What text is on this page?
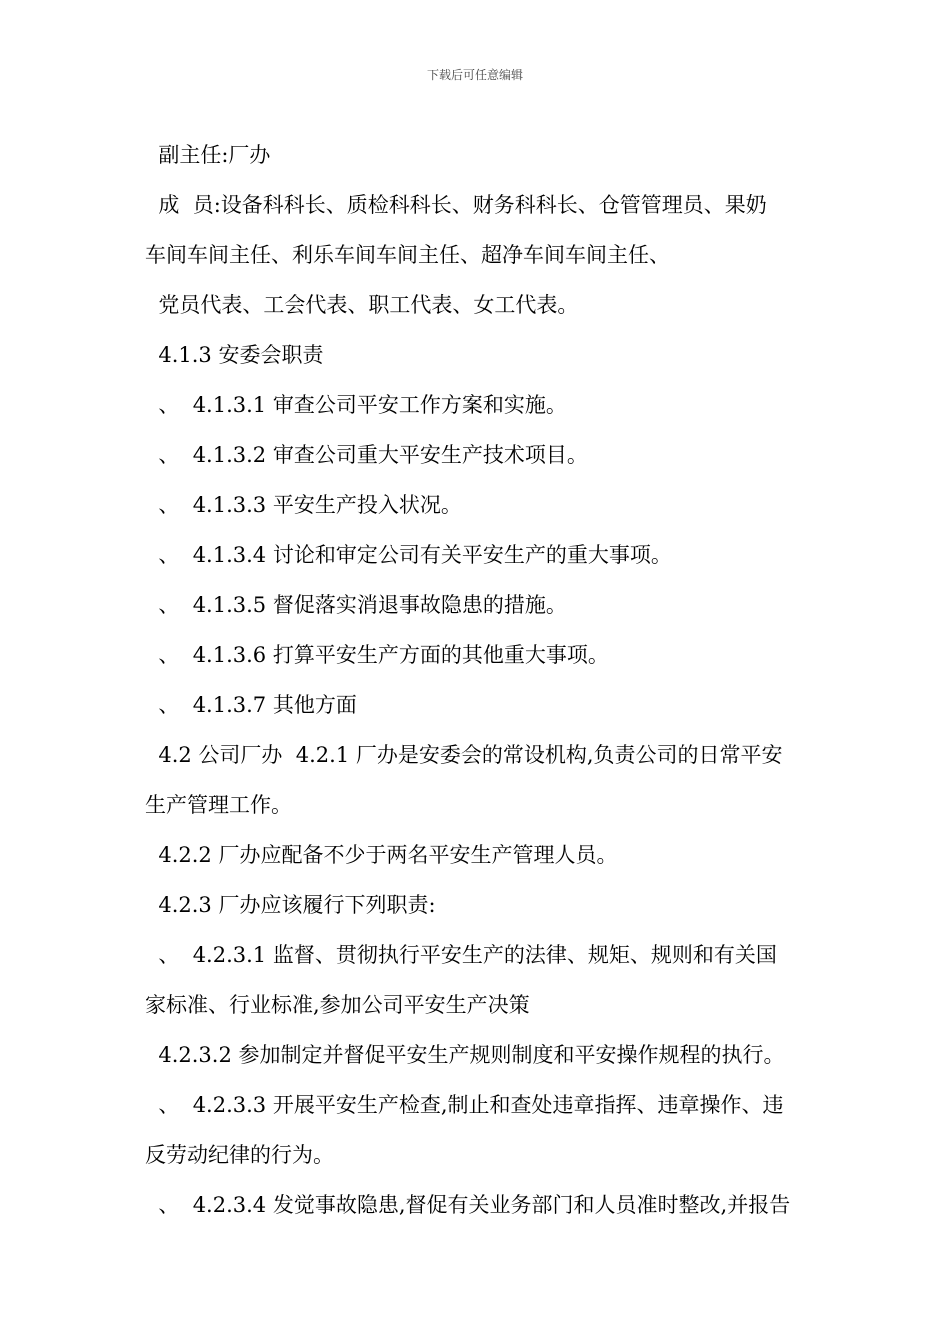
下载后可任意编辑
副主任:厂办
成  员:设备科科长、质检科科长、财务科科长、仓管管理员、果奶
车间车间主任、利乐车间车间主任、超净车间车间主任、
党员代表、工会代表、职工代表、女工代表。
4.1.3 安委会职责
、  4.1.3.1 审查公司平安工作方案和实施。
、  4.1.3.2 审查公司重大平安生产技术项目。
、  4.1.3.3 平安生产投入状况。
、  4.1.3.4 讨论和审定公司有关平安生产的重大事项。
、  4.1.3.5 督促落实消退事故隐患的措施。
、  4.1.3.6 打算平安生产方面的其他重大事项。
、  4.1.3.7 其他方面
4.2 公司厂办  4.2.1 厂办是安委会的常设机构,负责公司的日常平安
生产管理工作。
4.2.2 厂办应配备不少于两名平安生产管理人员。
4.2.3 厂办应该履行下列职责:
、  4.2.3.1 监督、贯彻执行平安生产的法律、规矩、规则和有关国
家标准、行业标准,参加公司平安生产决策
4.2.3.2 参加制定并督促平安生产规则制度和平安操作规程的执行。
、  4.2.3.3 开展平安生产检查,制止和查处违章指挥、违章操作、违
反劳动纪律的行为。
、  4.2.3.4 发觉事故隐患,督促有关业务部门和人员准时整改,并报告
